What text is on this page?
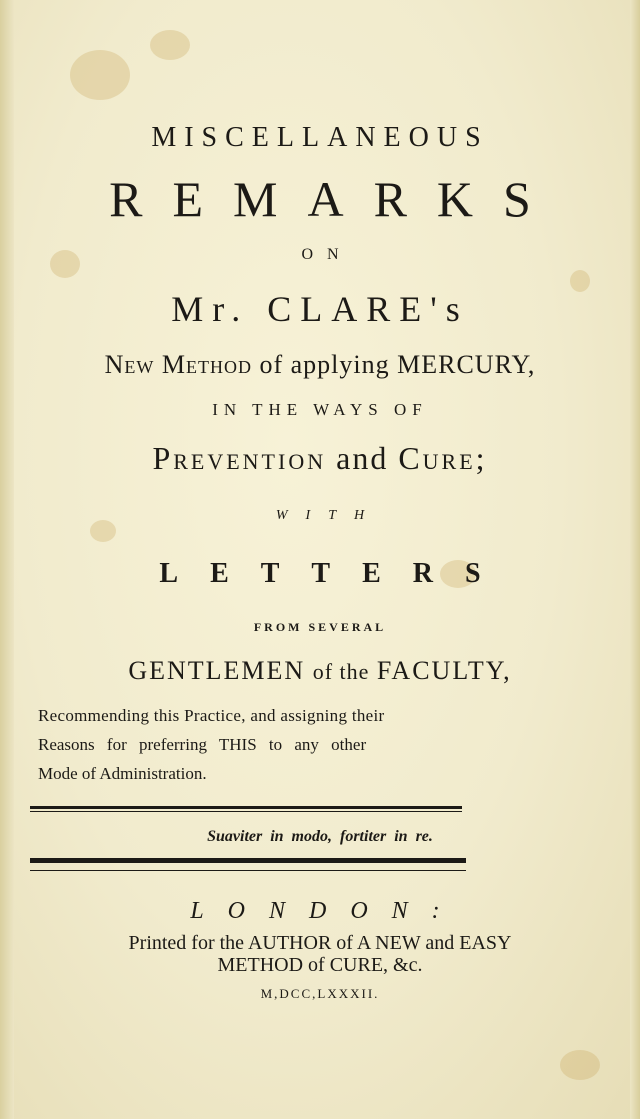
MISCELLANEOUS
REMARKS
ON
Mr. CLARE's
New Method of applying MERCURY,
IN THE WAYS OF
Prevention and Cure;
WITH
LETTERS
FROM SEVERAL
GENTLEMEN of the FACULTY,
Recommending this Practice, and assigning their
Reasons for preferring THIS to any other
Mode of Administration.
Suaviter in modo, fortiter in re.
LONDON:
Printed for the AUTHOR of A NEW and EASY
METHOD of CURE, &c.
M,DCC,LXXXII.
